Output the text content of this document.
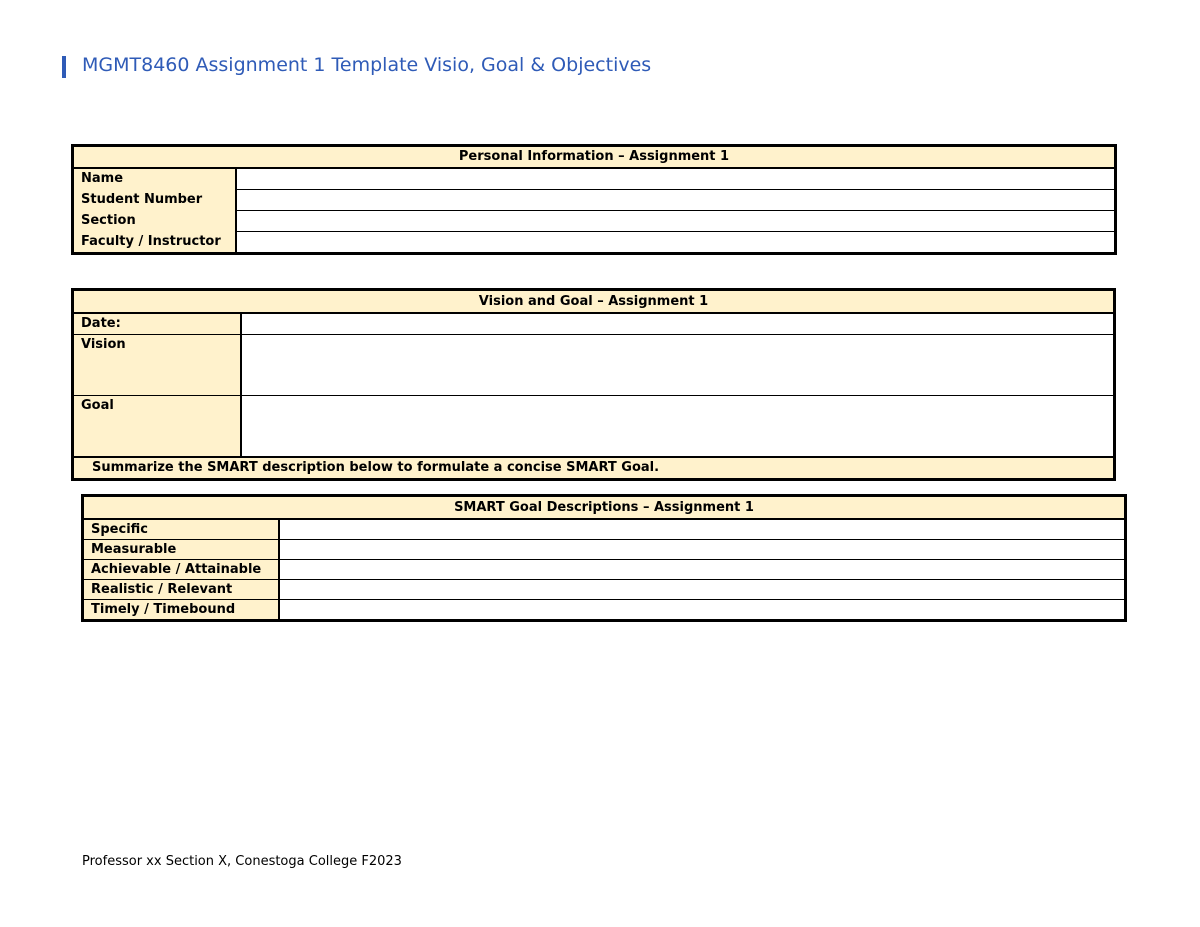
MGMT8460 Assignment 1 Template Visio, Goal & Objectives
Personal Information – Assignment 1	
Name	
Student Number	
Section	
Faculty / Instructor	
Vision and Goal – Assignment 1	
Date:	
Vision	
Goal	
Summarize the SMART description below to formulate a concise SMART Goal.	
SMART Goal Descriptions – Assignment 1	
Specific	
Measurable	
Achievable / Attainable	
Realistic / Relevant	
Timely / Timebound	
Professor xx Section X, Conestoga College F2023
